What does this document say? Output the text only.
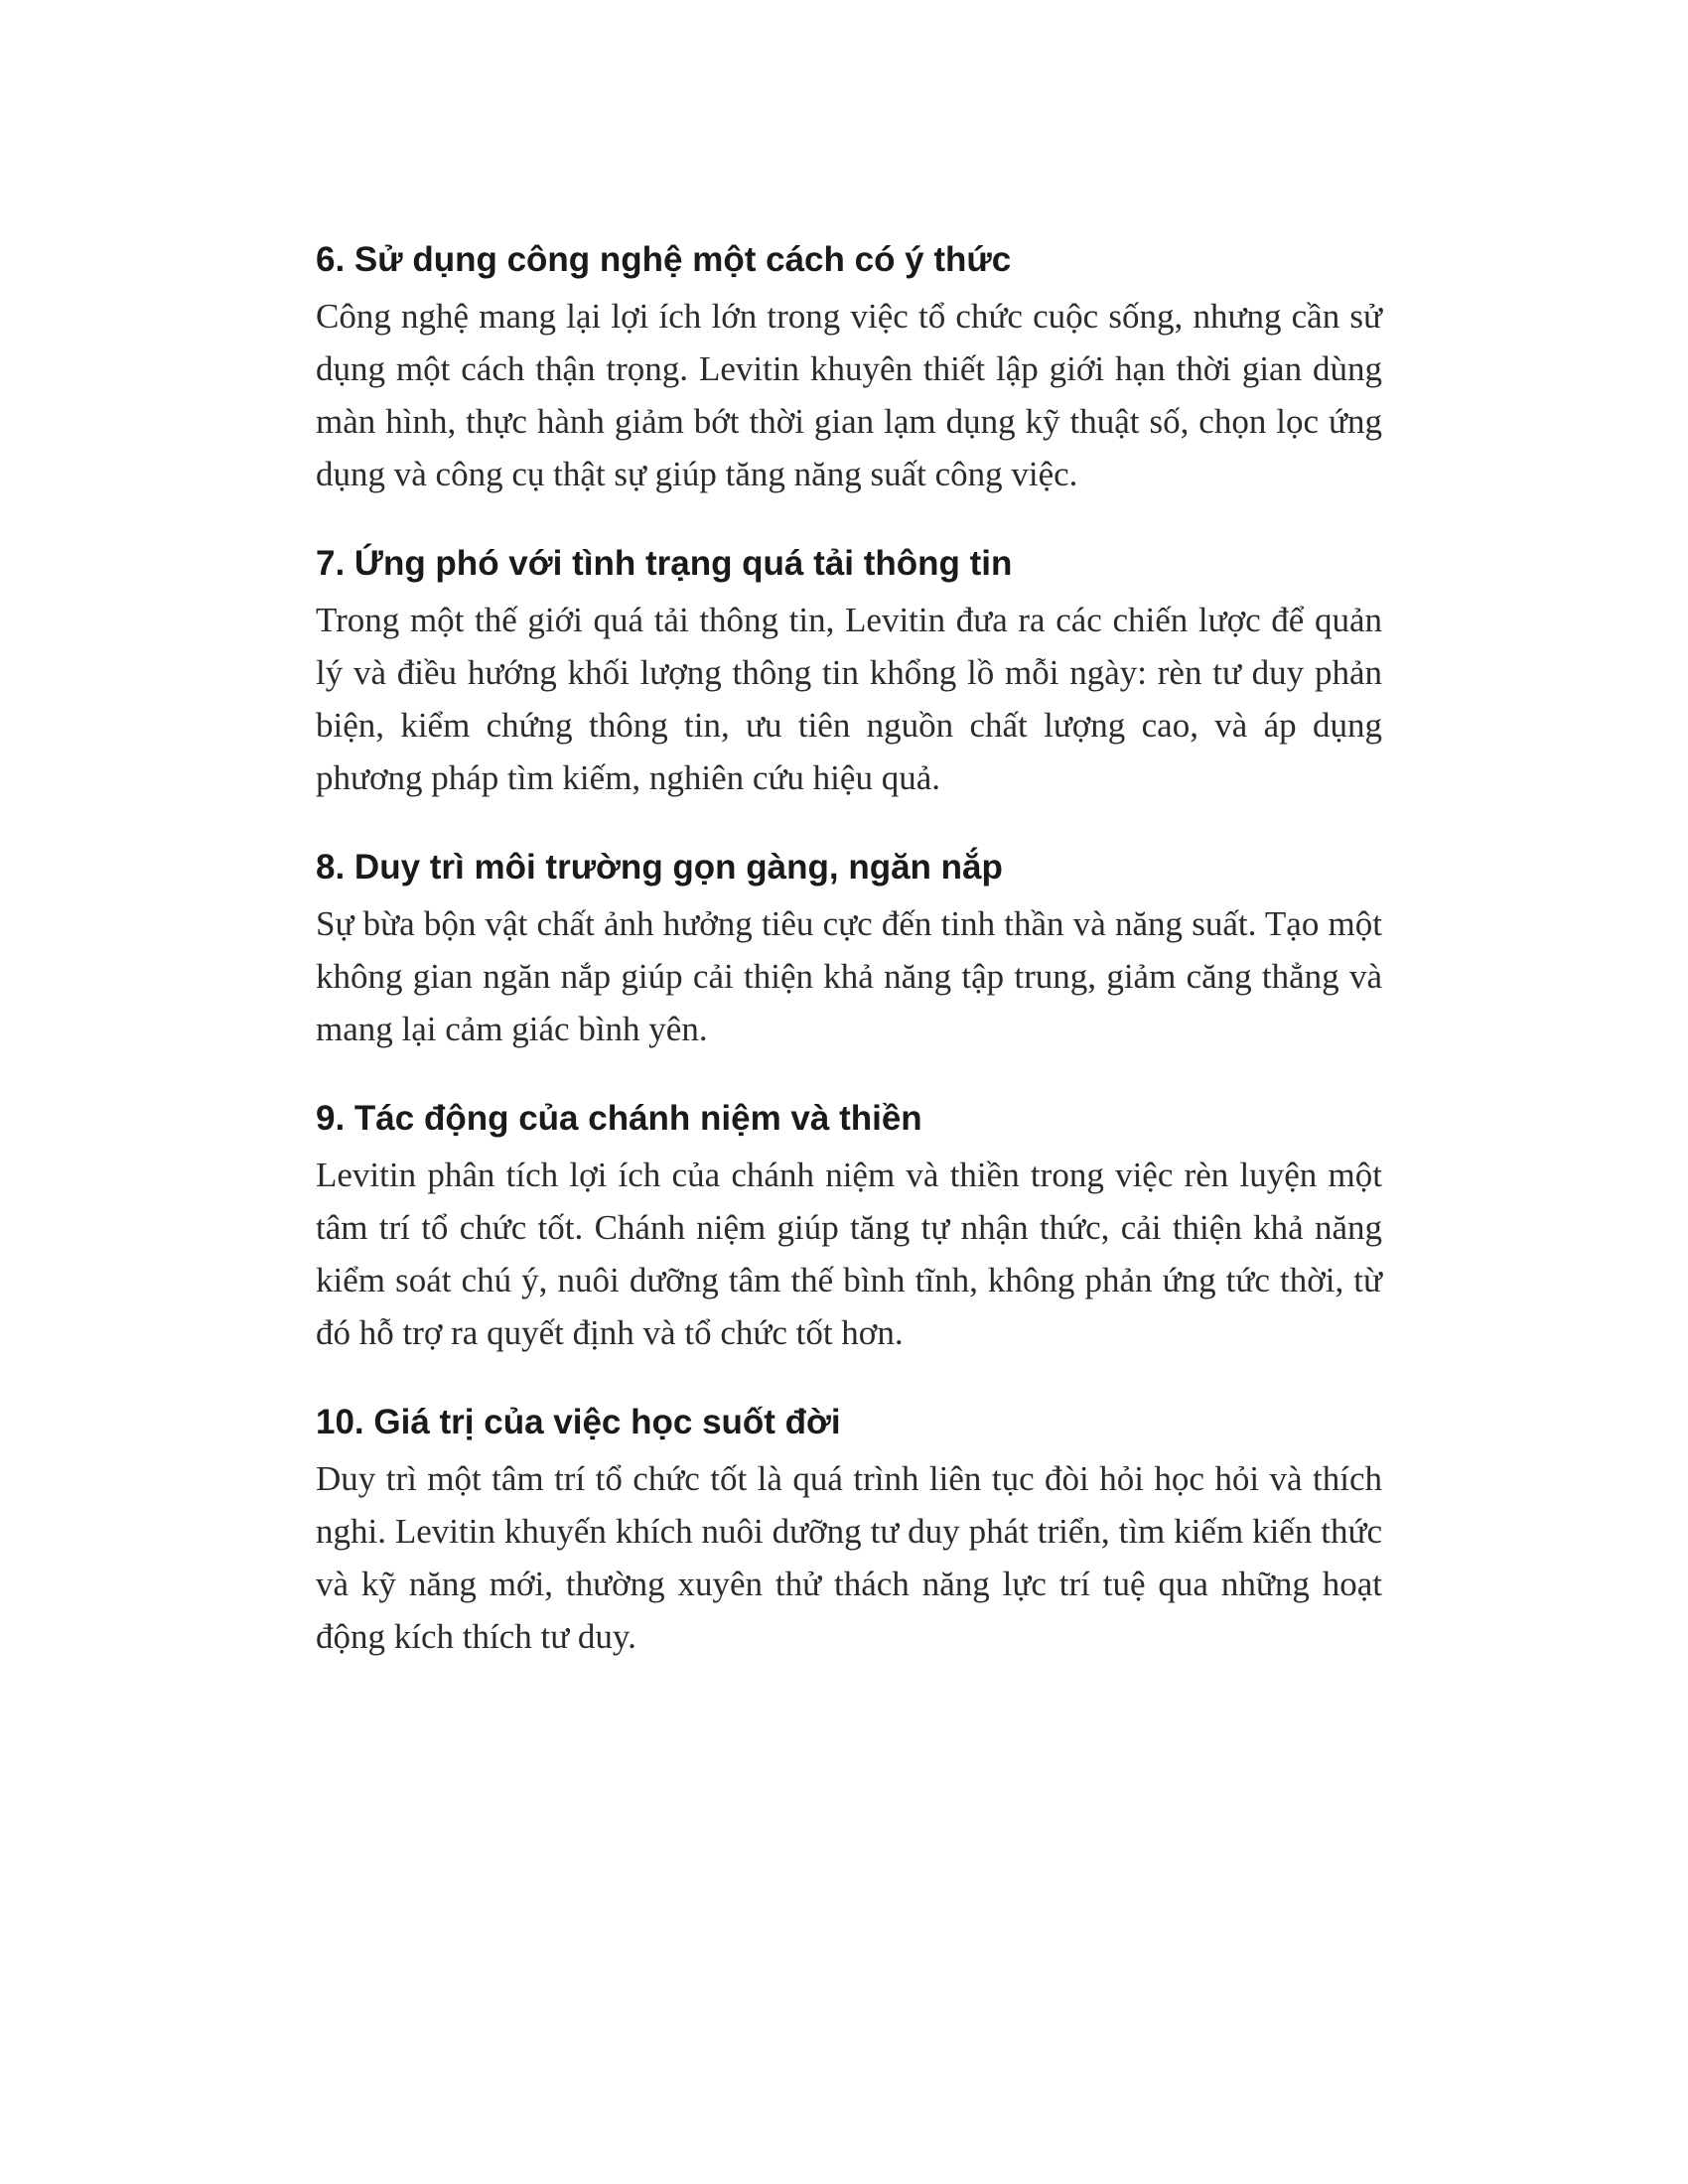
6. Sử dụng công nghệ một cách có ý thức

Công nghệ mang lại lợi ích lớn trong việc tổ chức cuộc sống, nhưng cần sử dụng một cách thận trọng. Levitin khuyên thiết lập giới hạn thời gian dùng màn hình, thực hành giảm bớt thời gian lạm dụng kỹ thuật số, chọn lọc ứng dụng và công cụ thật sự giúp tăng năng suất công việc.

7. Ứng phó với tình trạng quá tải thông tin

Trong một thế giới quá tải thông tin, Levitin đưa ra các chiến lược để quản lý và điều hướng khối lượng thông tin khổng lồ mỗi ngày: rèn tư duy phản biện, kiểm chứng thông tin, ưu tiên nguồn chất lượng cao, và áp dụng phương pháp tìm kiếm, nghiên cứu hiệu quả.

8. Duy trì môi trường gọn gàng, ngăn nắp

Sự bừa bộn vật chất ảnh hưởng tiêu cực đến tinh thần và năng suất. Tạo một không gian ngăn nắp giúp cải thiện khả năng tập trung, giảm căng thẳng và mang lại cảm giác bình yên.

9. Tác động của chánh niệm và thiền

Levitin phân tích lợi ích của chánh niệm và thiền trong việc rèn luyện một tâm trí tổ chức tốt. Chánh niệm giúp tăng tự nhận thức, cải thiện khả năng kiểm soát chú ý, nuôi dưỡng tâm thế bình tĩnh, không phản ứng tức thời, từ đó hỗ trợ ra quyết định và tổ chức tốt hơn.

10. Giá trị của việc học suốt đời

Duy trì một tâm trí tổ chức tốt là quá trình liên tục đòi hỏi học hỏi và thích nghi. Levitin khuyến khích nuôi dưỡng tư duy phát triển, tìm kiếm kiến thức và kỹ năng mới, thường xuyên thử thách năng lực trí tuệ qua những hoạt động kích thích tư duy.
